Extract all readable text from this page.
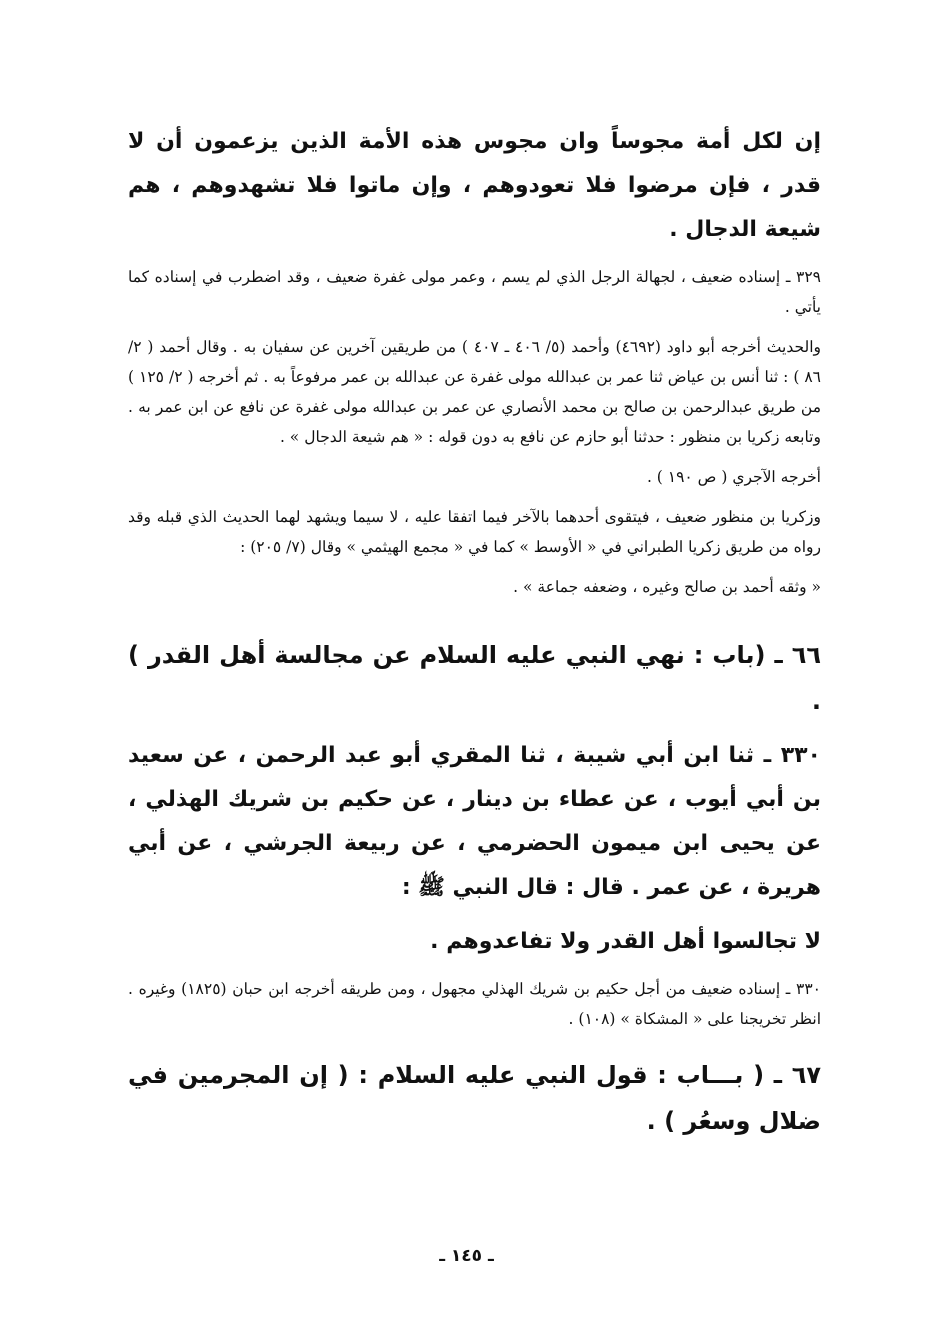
إن لكل أمة مجوساً وان مجوس هذه الأمة الذين يزعمون أن لا قدر ، فإن مرضوا فلا تعودوهم ، وإن ماتوا فلا تشهدوهم ، هم شيعة الدجال .

٣٢٩ ـ إسناده ضعيف ، لجهالة الرجل الذي لم يسم ، وعمر مولى غفرة ضعيف ، وقد اضطرب في إسناده كما يأتي .

والحديث أخرجه أبو داود (٤٦٩٢) وأحمد (٥/ ٤٠٦ ـ ٤٠٧ ) من طريقين آخرين عن سفيان به . وقال أحمد ( ٢/ ٨٦ ) : ثنا أنس بن عياض ثنا عمر بن عبدالله مولى غفرة عن عبدالله بن عمر مرفوعاً به . ثم أخرجه ( ٢/ ١٢٥ ) من طريق عبدالرحمن بن صالح بن محمد الأنصاري عن عمر بن عبدالله مولى غفرة عن نافع عن ابن عمر به . وتابعه زكريا بن منظور : حدثنا أبو حازم عن نافع به دون قوله : « هم شيعة الدجال » .

أخرجه الآجري ( ص ١٩٠ ) .

وزكريا بن منظور ضعيف ، فيتقوى أحدهما بالآخر فيما اتفقا عليه ، لا سيما ويشهد لهما الحديث الذي قبله وقد رواه من طريق زكريا الطبراني في « الأوسط » كما في « مجمع الهيثمي » وقال (٧/ ٢٠٥) :

« وثقه أحمد بن صالح وغيره ، وضعفه جماعة » .

٦٦ ـ (باب : نهي النبي عليه السلام عن مجالسة أهل القدر ) .

٣٣٠ ـ ثنا ابن أبي شيبة ، ثنا المقري أبو عبد الرحمن ، عن سعيد بن أبي أيوب ، عن عطاء بن دينار ، عن حكيم بن شريك الهذلي ، عن يحيى ابن ميمون الحضرمي ، عن ربيعة الجرشي ، عن أبي هريرة ، عن عمر . قال : قال النبي ﷺ :

لا تجالسوا أهل القدر ولا تفاعدوهم .

٣٣٠ ـ إسناده ضعيف من أجل حكيم بن شريك الهذلي مجهول ، ومن طريقه أخرجه ابن حبان (١٨٢٥) وغيره . انظر تخريجنا على « المشكاة » (١٠٨) .

٦٧ ـ ( بـــاب : قول النبي عليه السلام : ( إن المجرمين في ضلال وسعُر ) .

ـ ١٤٥ ـ
